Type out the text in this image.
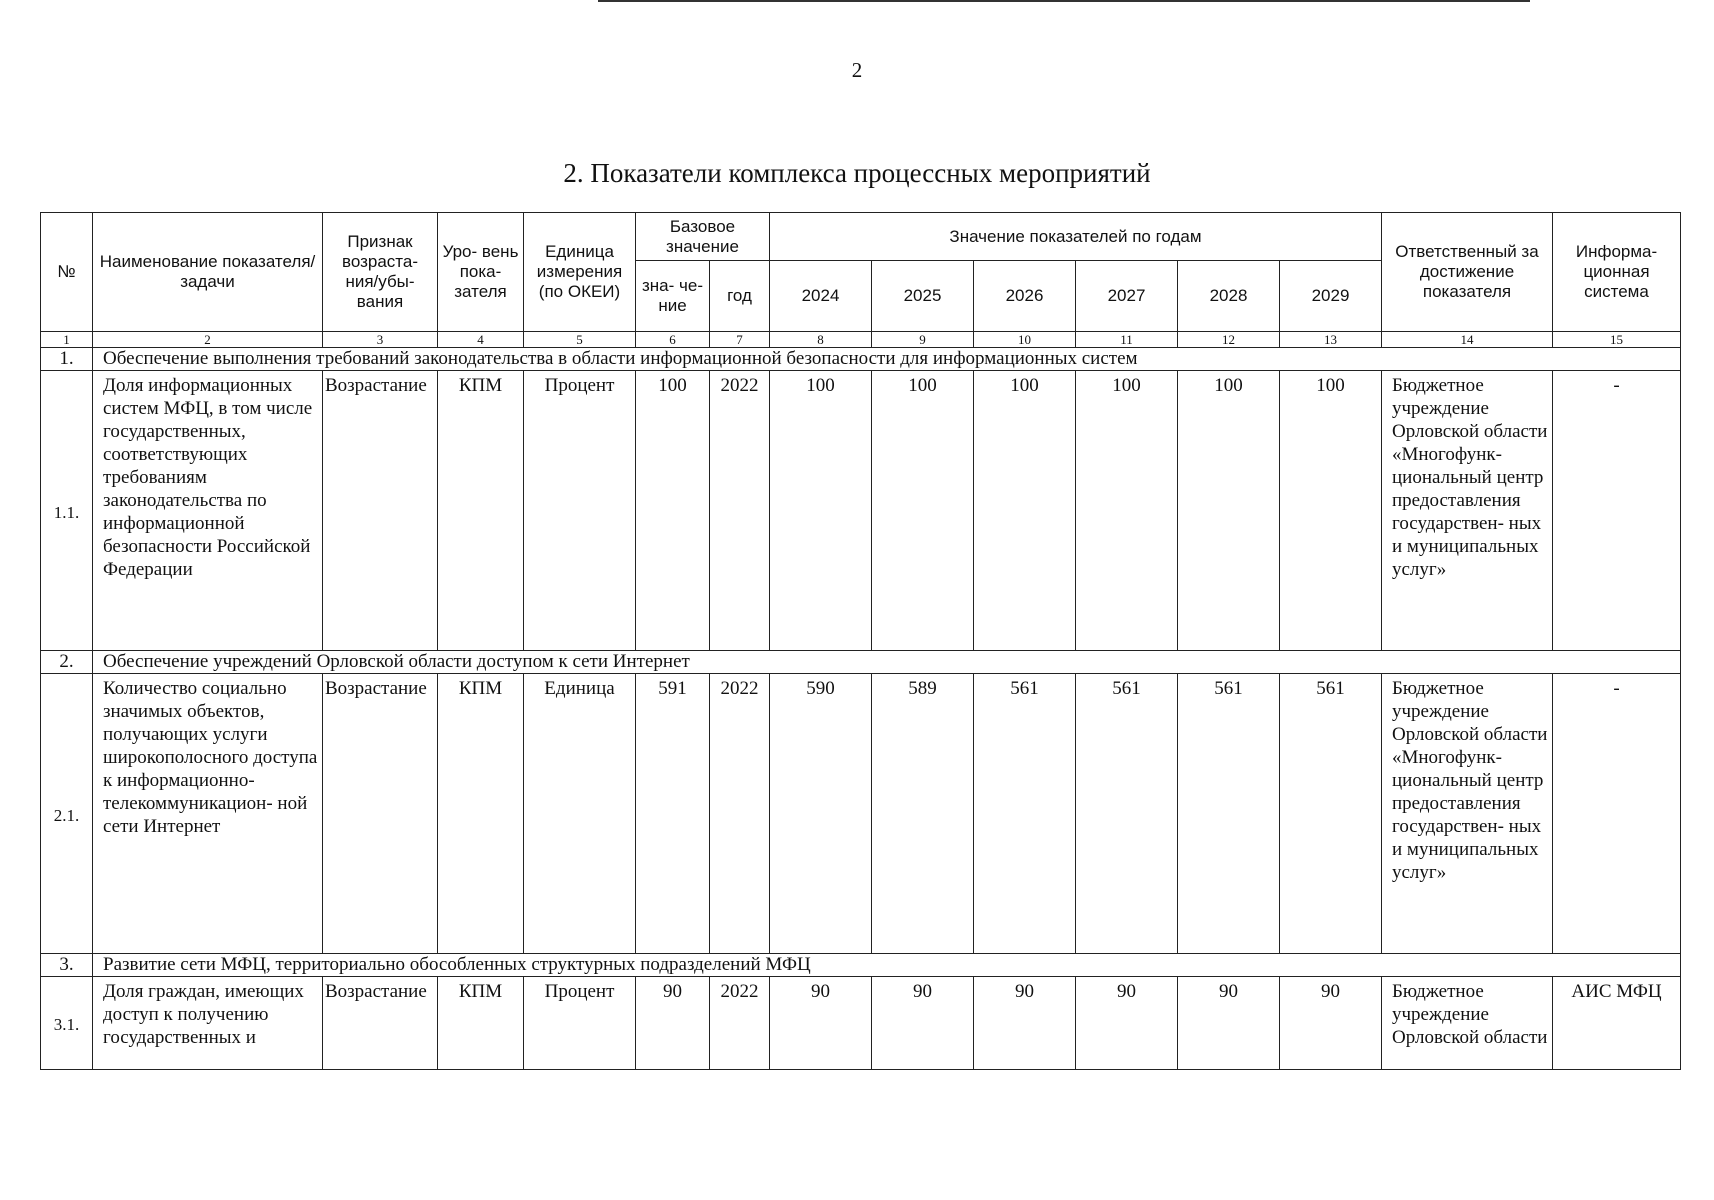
2
2. Показатели комплекса процессных мероприятий
№	Наименование показателя/задачи	Признак возраста- ния/убы- вания	Уро- вень пока- зателя	Единица измерения (по ОКЕИ)	Базовое значение		Значение показателей по годам						Ответственный за достижение показателя	Информа- ционная система
					зна- че- ние	год	2024	2025	2026	2027	2028	2029		
1	2	3	4	5	6	7	8	9	10	11	12	13	14	15
1.	Обеспечение выполнения требований законодательства в области информационной безопасности для информационных систем													
1.1.	Доля информационных систем МФЦ, в том числе государственных, соответствующих требованиям законодательства по информационной безопасности Российской Федерации	Возрастание	КПМ	Процент	100	2022	100	100	100	100	100	100	Бюджетное учреждение Орловской области «Многофунк- циональный центр предоставления государствен- ных и муниципальных услуг»	-
2.	Обеспечение учреждений Орловской области доступом к сети Интернет													
2.1.	Количество социально значимых объектов, получающих услуги широкополосного доступа к информационно- телекоммуникацион- ной сети Интернет	Возрастание	КПМ	Единица	591	2022	590	589	561	561	561	561	Бюджетное учреждение Орловской области «Многофунк- циональный центр предоставления государствен- ных и муниципальных услуг»	-
3.	Развитие сети МФЦ, территориально обособленных структурных подразделений МФЦ													
3.1.	Доля граждан, имеющих доступ к получению государственных и	Возрастание	КПМ	Процент	90	2022	90	90	90	90	90	90	Бюджетное учреждение Орловской области	АИС МФЦ
